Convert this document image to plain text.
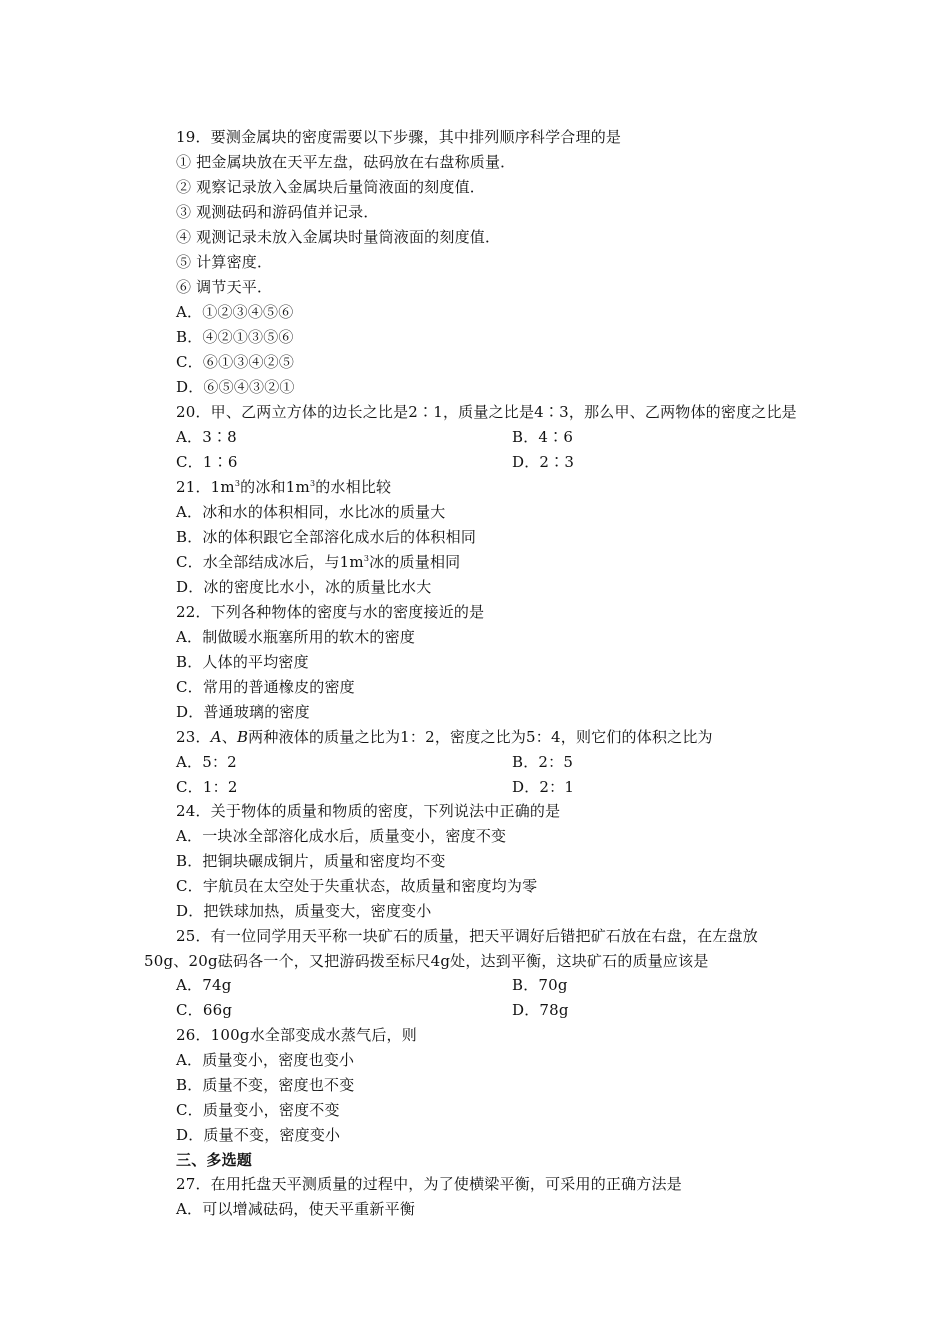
19．要测金属块的密度需要以下步骤，其中排列顺序科学合理的是
① 把金属块放在天平左盘，砝码放在右盘称质量．
② 观察记录放入金属块后量筒液面的刻度值．
③ 观测砝码和游码值并记录．
④ 观测记录未放入金属块时量筒液面的刻度值．
⑤ 计算密度．
⑥ 调节天平．
A．①②③④⑤⑥
B．④②①③⑤⑥
C．⑥①③④②⑤
D．⑥⑤④③②①
20．甲、乙两立方体的边长之比是2∶1，质量之比是4∶3，那么甲、乙两物体的密度之比是
A．3∶8	B．4∶6
C．1∶6	D．2∶3
21．$1m^3$的冰和$1m^3$的水相比较
A．冰和水的体积相同，水比冰的质量大
B．冰的体积跟它全部溶化成水后的体积相同
C．水全部结成冰后，与$1m^3$冰的质量相同
D．冰的密度比水小，冰的质量比水大
22．下列各种物体的密度与水的密度接近的是
A．制做暖水瓶塞所用的软木的密度
B．人体的平均密度
C．常用的普通橡皮的密度
D．普通玻璃的密度
23．A、B两种液体的质量之比为1：2，密度之比为5：4，则它们的体积之比为
A．5：2	B．2：5
C．1：2	D．2：1
24．关于物体的质量和物质的密度，下列说法中正确的是
A．一块冰全部溶化成水后，质量变小，密度不变
B．把铜块碾成铜片，质量和密度均不变
C．宇航员在太空处于失重状态，故质量和密度均为零
D．把铁球加热，质量变大，密度变小
25．有一位同学用天平称一块矿石的质量，把天平调好后错把矿石放在右盘，在左盘放
50g、20g砝码各一个，又把游码拨至标尺4g处，达到平衡，这块矿石的质量应该是
A．74g	B．70g
C．66g	D．78g
26．100g水全部变成水蒸气后，则
A．质量变小，密度也变小
B．质量不变，密度也不变
C．质量变小，密度不变
D．质量不变，密度变小
三、多选题
27．在用托盘天平测质量的过程中，为了使横梁平衡，可采用的正确方法是
A．可以增减砝码，使天平重新平衡
